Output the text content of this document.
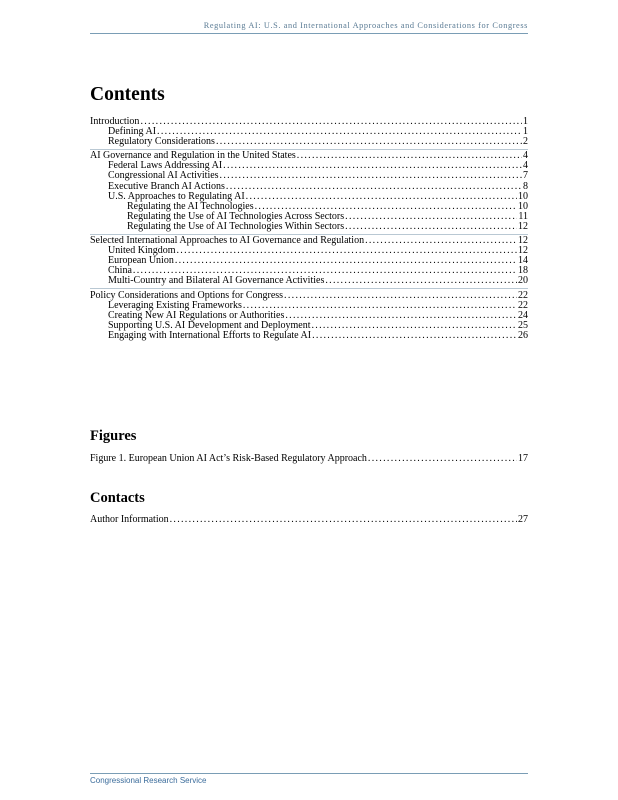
Regulating AI: U.S. and International Approaches and Considerations for Congress
Contents
Introduction . . .	1
Defining AI . . .	1
Regulatory Considerations . . .	2
AI Governance and Regulation in the United States . . .	4
Federal Laws Addressing AI . . .	4
Congressional AI Activities . . .	7
Executive Branch AI Actions . . .	8
U.S. Approaches to Regulating AI . . .	10
Regulating the AI Technologies . . .	10
Regulating the Use of AI Technologies Across Sectors . . .	11
Regulating the Use of AI Technologies Within Sectors . . .	12
Selected International Approaches to AI Governance and Regulation . . .	12
United Kingdom . . .	12
European Union . . .	14
China . . .	18
Multi-Country and Bilateral AI Governance Activities . . .	20
Policy Considerations and Options for Congress . . .	22
Leveraging Existing Frameworks . . .	22
Creating New AI Regulations or Authorities . . .	24
Supporting U.S. AI Development and Deployment . . .	25
Engaging with International Efforts to Regulate AI . . .	26
Figures
Figure 1. European Union AI Act’s Risk-Based Regulatory Approach . . .	17
Contacts
Author Information . . .	27
Congressional Research Service
